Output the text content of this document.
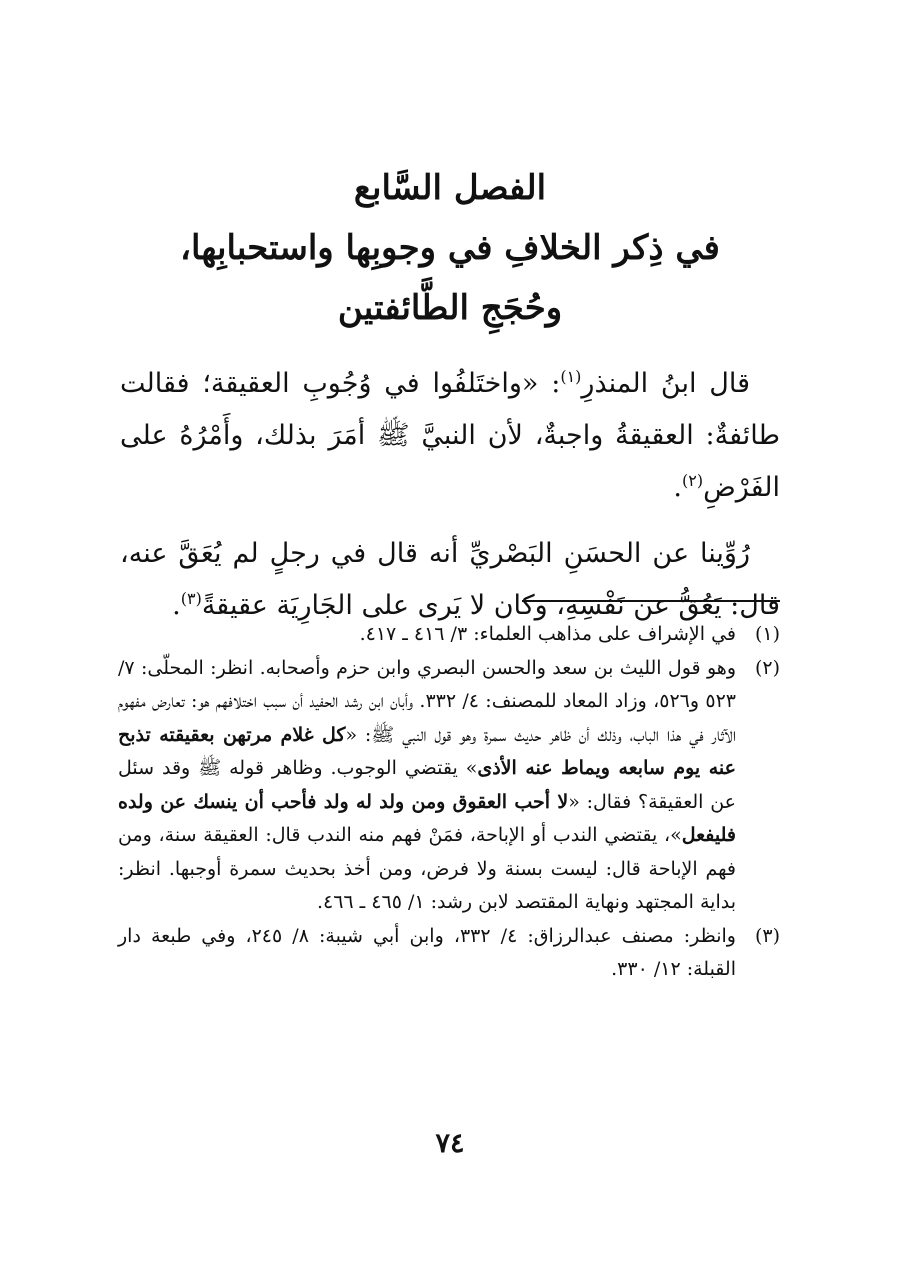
الفصل السَّابع
في ذِكر الخلافِ في وجوبِها واستحبابِها،
وحُجَجِ الطَّائفتين

قال ابنُ المنذرِ$^{(١)}$: «واختَلفُوا في وُجُوبِ العقيقة؛ فقالت طائفةٌ: العقيقةُ واجبةٌ، لأن النبيَّ ﷺ أمَرَ بذلك، وأَمْرُهُ على الفَرْضِ$^{(٢)}$.

رُوِّينا عن الحسَنِ البَصْريِّ أنه قال في رجلٍ لم يُعَقَّ عنه، قال: يَعُقُّ عن نَفْسِهِ، وكان لا يَرى على الجَارِيَة عقيقةً$^{(٣)}$.

(١)
في الإشراف على مذاهب العلماء: ٣/ ٤١٦ ـ ٤١٧.
(٢)
وهو قول الليث بن سعد والحسن البصري وابن حزم وأصحابه. انظر: المحلّى: ٧/ ٥٢٣ و٥٢٦، وزاد المعاد للمصنف: ٤/ ٣٣٢. وأبان ابن رشد الحفيد أن سبب اختلافهم هو: تعارض مفهوم الآثار في هذا الباب، وذلك أن ظاهر حديث سمرة وهو قول النبي ﷺ: «كل غلام مرتهن بعقيقته تذبح عنه يوم سابعه ويماط عنه الأذى» يقتضي الوجوب. وظاهر قوله ﷺ وقد سئل عن العقيقة؟ فقال: «لا أحب العقوق ومن ولد له ولد فأحب أن ينسك عن ولده فليفعل»، يقتضي الندب أو الإباحة، فمَنْ فهم منه الندب قال: العقيقة سنة، ومن فهم الإباحة قال: ليست بسنة ولا فرض، ومن أخذ بحديث سمرة أوجبها. انظر: بداية المجتهد ونهاية المقتصد لابن رشد: ١/ ٤٦٥ ـ ٤٦٦.
(٣)
وانظر: مصنف عبدالرزاق: ٤/ ٣٣٢، وابن أبي شيبة: ٨/ ٢٤٥، وفي طبعة دار القبلة: ١٢/ ٣٣٠.
٧٤
